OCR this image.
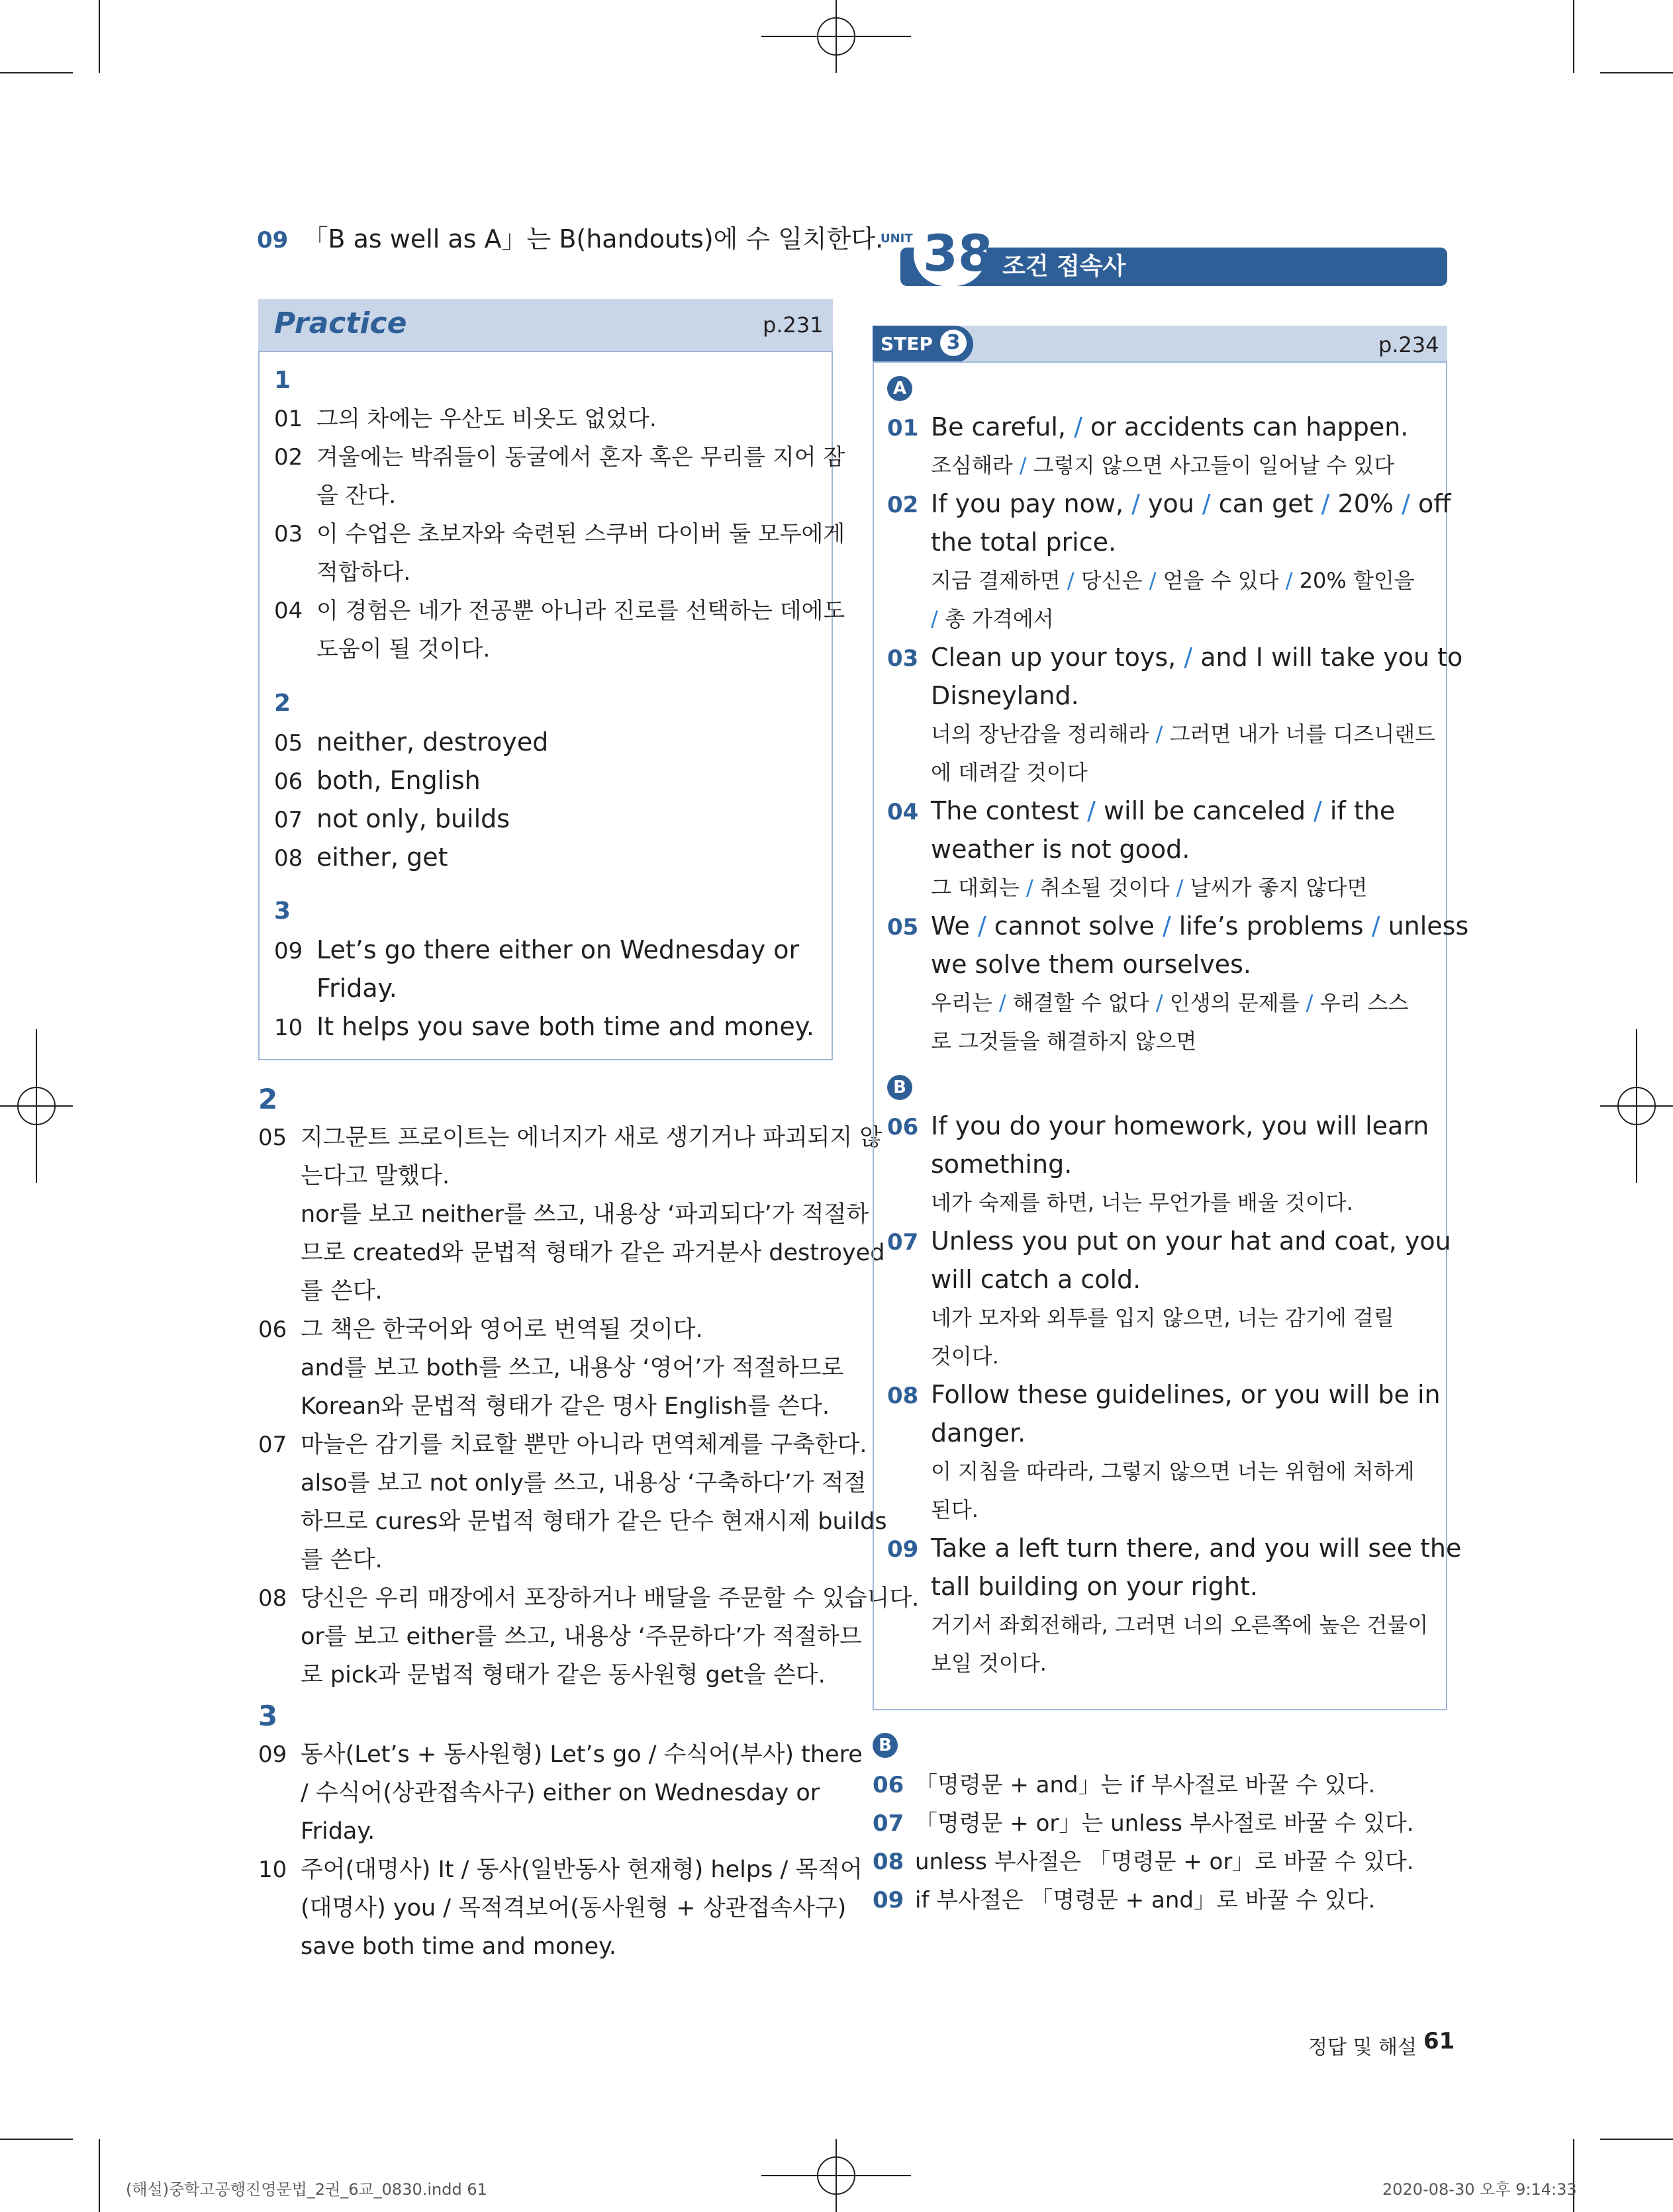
09 「B as well as A」는 B(handouts)에 수 일치한다.
Practice	p.231
1
01 그의 차에는 우산도 비옷도 없었다.
02 겨울에는 박쥐들이 동굴에서 혼자 혹은 무리를 지어 잠
을 잔다.
03 이 수업은 초보자와 숙련된 스쿠버 다이버 둘 모두에게
적합하다.
04 이 경험은 네가 전공뿐 아니라 진로를 선택하는 데에도
도움이 될 것이다.
2
05 neither, destroyed
06 both, English
07 not only, builds
08 either, get
3
09 Let’s go there either on Wednesday or
Friday.
10 It helps you save both time and money.
2
05 지그문트 프로이트는 에너지가 새로 생기거나 파괴되지 않
는다고 말했다.
nor를 보고 neither를 쓰고, 내용상 ‘파괴되다’가 적절하
므로 created와 문법적 형태가 같은 과거분사 destroyed
를 쓴다.
06 그 책은 한국어와 영어로 번역될 것이다.
and를 보고 both를 쓰고, 내용상 ‘영어’가 적절하므로
Korean와 문법적 형태가 같은 명사 English를 쓴다.
07 마늘은 감기를 치료할 뿐만 아니라 면역체계를 구축한다.
also를 보고 not only를 쓰고, 내용상 ‘구축하다’가 적절
하므로 cures와 문법적 형태가 같은 단수 현재시제 builds
를 쓴다.
08 당신은 우리 매장에서 포장하거나 배달을 주문할 수 있습니다.
or를 보고 either를 쓰고, 내용상 ‘주문하다’가 적절하므
로 pick과 문법적 형태가 같은 동사원형 get을 쓴다.
3
09 동사(Let’s + 동사원형) Let’s go / 수식어(부사) there
/ 수식어(상관접속사구) either on Wednesday or
Friday.
10 주어(대명사) It / 동사(일반동사 현재형) helps / 목적어
(대명사) you / 목적격보어(동사원형 + 상관접속사구)
save both time and money.
UNIT 38 조건 접속사
STEP 3	p.234
A
01 Be careful, / or accidents can happen.
조심해라 / 그렇지 않으면 사고들이 일어날 수 있다
02 If you pay now, / you / can get / 20% / off
the total price.
지금 결제하면 / 당신은 / 얻을 수 있다 / 20% 할인을
/ 총 가격에서
03 Clean up your toys, / and I will take you to
Disneyland.
너의 장난감을 정리해라 / 그러면 내가 너를 디즈니랜드
에 데려갈 것이다
04 The contest / will be canceled / if the
weather is not good.
그 대회는 / 취소될 것이다 / 날씨가 좋지 않다면
05 We / cannot solve / life’s problems / unless
we solve them ourselves.
우리는 / 해결할 수 없다 / 인생의 문제를 / 우리 스스
로 그것들을 해결하지 않으면
B
06 If you do your homework, you will learn
something.
네가 숙제를 하면, 너는 무언가를 배울 것이다.
07 Unless you put on your hat and coat, you
will catch a cold.
네가 모자와 외투를 입지 않으면, 너는 감기에 걸릴
것이다.
08 Follow these guidelines, or you will be in
danger.
이 지침을 따라라, 그렇지 않으면 너는 위험에 처하게
된다.
09 Take a left turn there, and you will see the
tall building on your right.
거기서 좌회전해라, 그러면 너의 오른쪽에 높은 건물이
보일 것이다.
B
06 「명령문 + and」는 if 부사절로 바꿀 수 있다.
07 「명령문 + or」는 unless 부사절로 바꿀 수 있다.
08 unless 부사절은 「명령문 + or」로 바꿀 수 있다.
09 if 부사절은 「명령문 + and」로 바꿀 수 있다.
정답 및 해설 61
(해설)중학고공행진영문법_2권_6교_0830.indd 61	2020-08-30 오후 9:14:33
